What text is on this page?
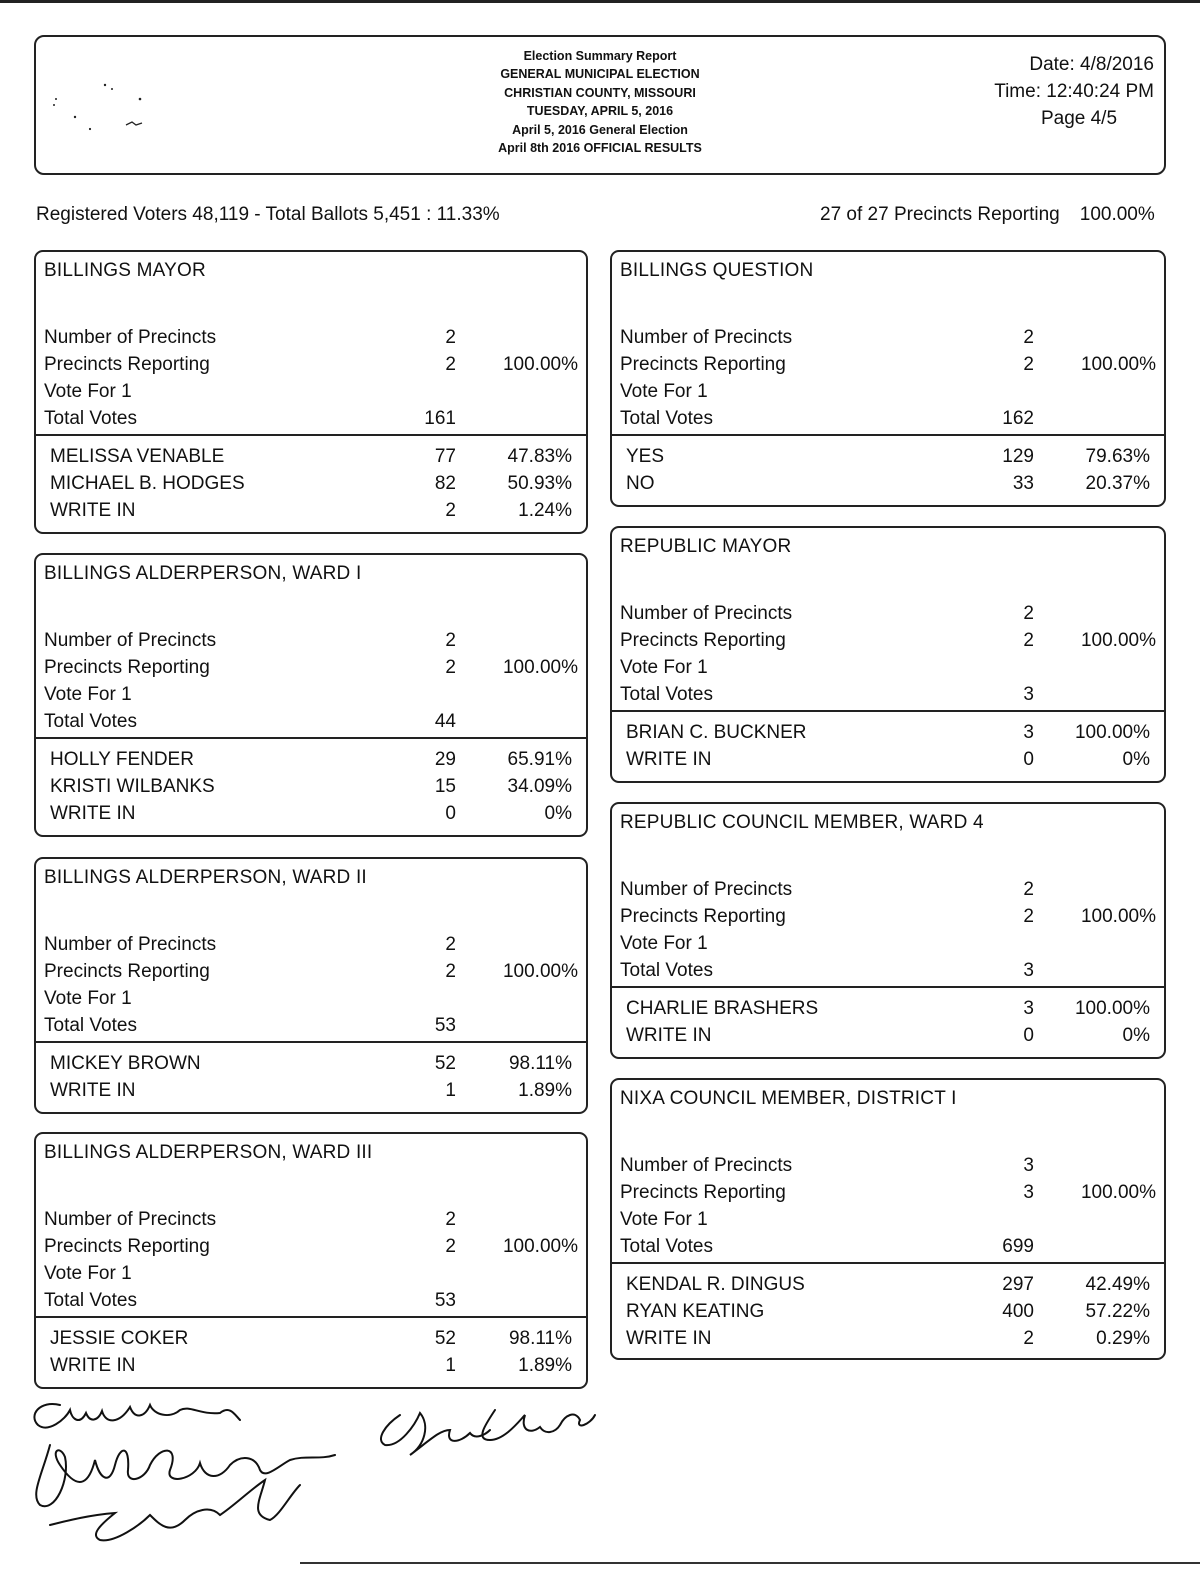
Election Summary Report
GENERAL MUNICIPAL ELECTION
CHRISTIAN COUNTY, MISSOURI
TUESDAY, APRIL 5, 2016
April 5, 2016 General Election
April 8th 2016 OFFICIAL RESULTS
Date: 4/8/2016
Time: 12:40:24 PM
Page 4/5
Registered Voters 48,119 - Total Ballots 5,451 : 11.33%	27 of 27 Precincts Reporting 100.00%
BILLINGS MAYOR
Number of Precincts	2
Precincts Reporting	2 100.00%
Vote For 1
Total Votes	161
MELISSA VENABLE	77	47.83%
MICHAEL B. HODGES	82	50.93%
WRITE IN	2	1.24%
BILLINGS ALDERPERSON, WARD I
Number of Precincts	2
Precincts Reporting	2 100.00%
Vote For 1
Total Votes	44
HOLLY FENDER	29	65.91%
KRISTI WILBANKS	15	34.09%
WRITE IN	0	0%
BILLINGS ALDERPERSON, WARD II
Number of Precincts	2
Precincts Reporting	2 100.00%
Vote For 1
Total Votes	53
MICKEY BROWN	52	98.11%
WRITE IN	1	1.89%
BILLINGS ALDERPERSON, WARD III
Number of Precincts	2
Precincts Reporting	2 100.00%
Vote For 1
Total Votes	53
JESSIE COKER	52	98.11%
WRITE IN	1	1.89%
BILLINGS QUESTION
Number of Precincts	2
Precincts Reporting	2 100.00%
Vote For 1
Total Votes	162
YES	129	79.63%
NO	33	20.37%
REPUBLIC MAYOR
Number of Precincts	2
Precincts Reporting	2 100.00%
Vote For 1
Total Votes	3
BRIAN C. BUCKNER	3 100.00%
WRITE IN	0	0%
REPUBLIC COUNCIL MEMBER, WARD 4
Number of Precincts	2
Precincts Reporting	2 100.00%
Vote For 1
Total Votes	3
CHARLIE BRASHERS	3 100.00%
WRITE IN	0	0%
NIXA COUNCIL MEMBER, DISTRICT I
Number of Precincts	3
Precincts Reporting	3 100.00%
Vote For 1
Total Votes	699
KENDAL R. DINGUS	297	42.49%
RYAN KEATING	400	57.22%
WRITE IN	2	0.29%
